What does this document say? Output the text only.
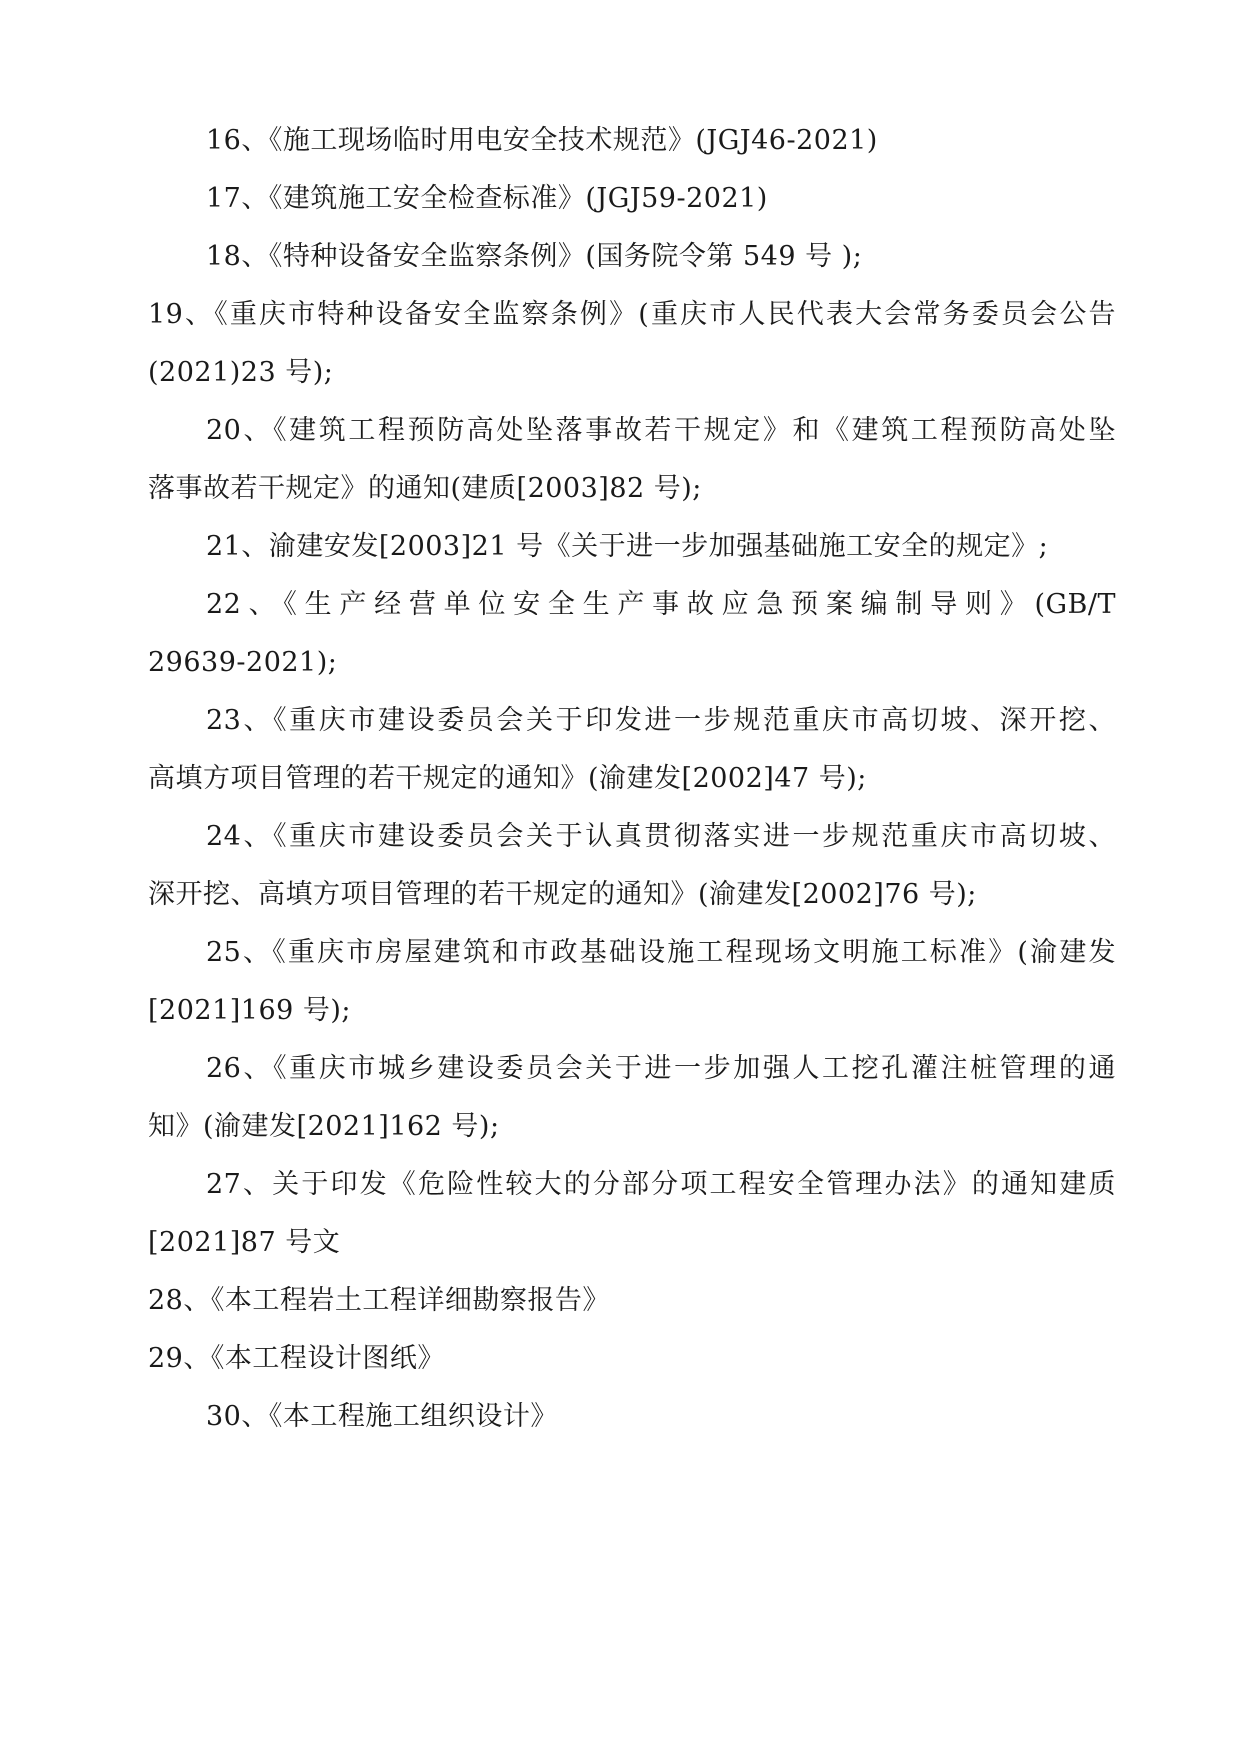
16、《施工现场临时用电安全技术规范》(JGJ46-2021)

17、《建筑施工安全检查标准》(JGJ59-2021)

18、《特种设备安全监察条例》(国务院令第 549 号 );

19、《重庆市特种设备安全监察条例》(重庆市人民代表大会常务委员会公告

(2021)23 号);

20、《建筑工程预防高处坠落事故若干规定》和《建筑工程预防高处坠

落事故若干规定》的通知(建质[2003]82 号);

21、渝建安发[2003]21 号《关于进一步加强基础施工安全的规定》;

22、《生产经营单位安全生产事故应急预案编制导则》(GB/T

29639-2021);

23、《重庆市建设委员会关于印发进一步规范重庆市高切坡、深开挖、

高填方项目管理的若干规定的通知》(渝建发[2002]47 号);

24、《重庆市建设委员会关于认真贯彻落实进一步规范重庆市高切坡、

深开挖、高填方项目管理的若干规定的通知》(渝建发[2002]76 号);

25、《重庆市房屋建筑和市政基础设施工程现场文明施工标准》(渝建发

[2021]169 号);

26、《重庆市城乡建设委员会关于进一步加强人工挖孔灌注桩管理的通

知》(渝建发[2021]162 号);

27、关于印发《危险性较大的分部分项工程安全管理办法》的通知建质

[2021]87 号文

28、《本工程岩土工程详细勘察报告》

29、《本工程设计图纸》

30、《本工程施工组织设计》
